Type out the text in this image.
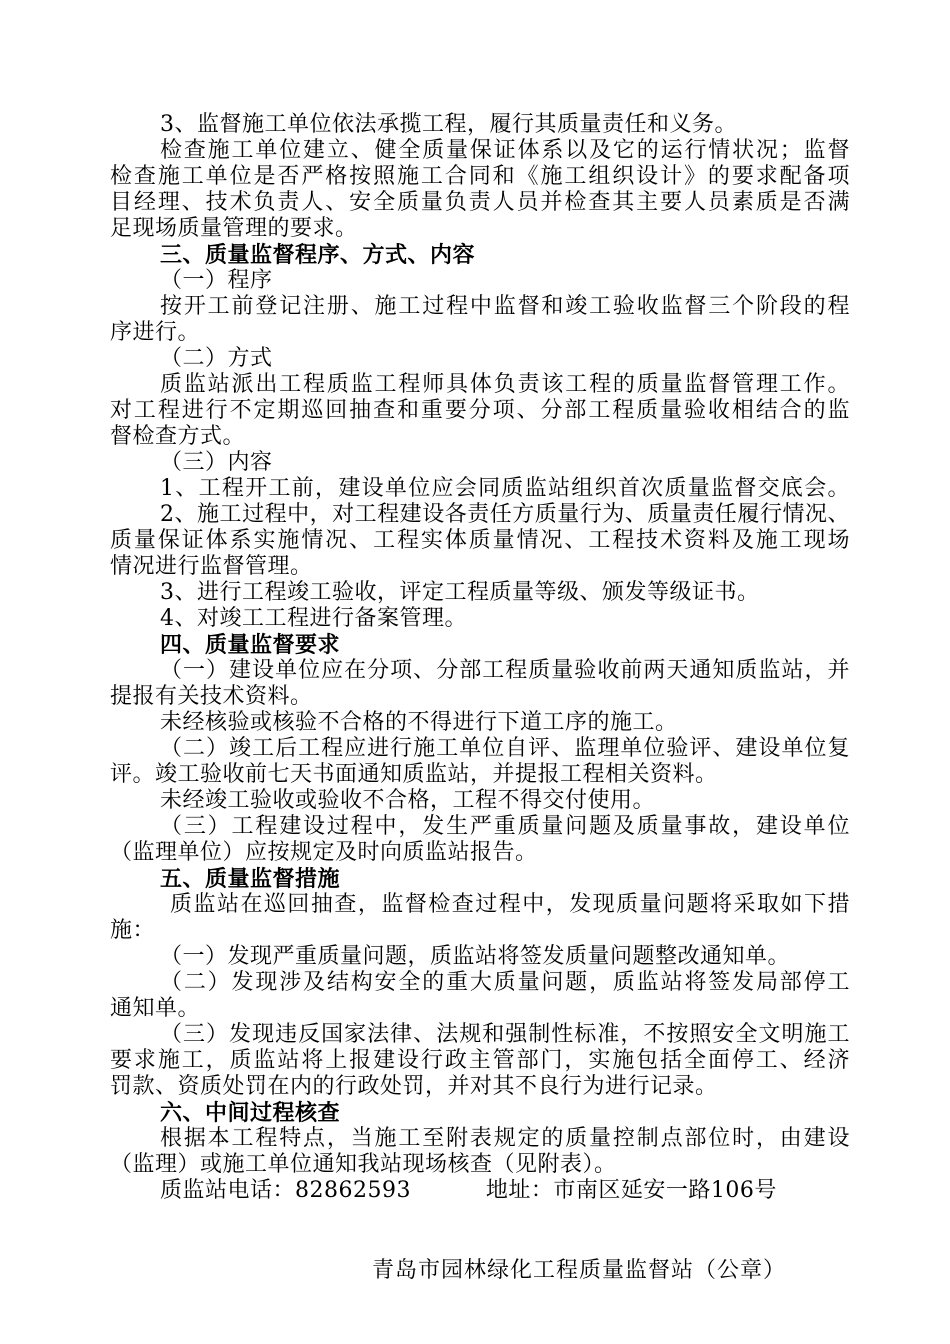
3、监督施工单位依法承揽工程，履行其质量责任和义务。
检查施工单位建立、健全质量保证体系以及它的运行情状况；监督
检查施工单位是否严格按照施工合同和《施工组织设计》的要求配备项
目经理、技术负责人、安全质量负责人员并检查其主要人员素质是否满
足现场质量管理的要求。
三、质量监督程序、方式、内容
（一）程序
按开工前登记注册、施工过程中监督和竣工验收监督三个阶段的程
序进行。
（二）方式
质监站派出工程质监工程师具体负责该工程的质量监督管理工作。
对工程进行不定期巡回抽查和重要分项、分部工程质量验收相结合的监
督检查方式。
（三）内容
1、工程开工前，建设单位应会同质监站组织首次质量监督交底会。
2、施工过程中，对工程建设各责任方质量行为、质量责任履行情况、
质量保证体系实施情况、工程实体质量情况、工程技术资料及施工现场
情况进行监督管理。
3、进行工程竣工验收，评定工程质量等级、颁发等级证书。
4、对竣工工程进行备案管理。
四、质量监督要求
（一）建设单位应在分项、分部工程质量验收前两天通知质监站，并
提报有关技术资料。
未经核验或核验不合格的不得进行下道工序的施工。
（二）竣工后工程应进行施工单位自评、监理单位验评、建设单位复
评。竣工验收前七天书面通知质监站，并提报工程相关资料。
未经竣工验收或验收不合格，工程不得交付使用。
（三）工程建设过程中，发生严重质量问题及质量事故，建设单位
（监理单位）应按规定及时向质监站报告。
五、质量监督措施
质监站在巡回抽查，监督检查过程中，发现质量问题将采取如下措
施：
（一）发现严重质量问题，质监站将签发质量问题整改通知单。
（二）发现涉及结构安全的重大质量问题，质监站将签发局部停工
通知单。
（三）发现违反国家法律、法规和强制性标准，不按照安全文明施工
要求施工，质监站将上报建设行政主管部门，实施包括全面停工、经济
罚款、资质处罚在内的行政处罚，并对其不良行为进行记录。
六、中间过程核查
根据本工程特点，当施工至附表规定的质量控制点部位时，由建设
（监理）或施工单位通知我站现场核查（见附表）。
质监站电话：82862593          地址：市南区延安一路106号
青岛市园林绿化工程质量监督站（公章）
